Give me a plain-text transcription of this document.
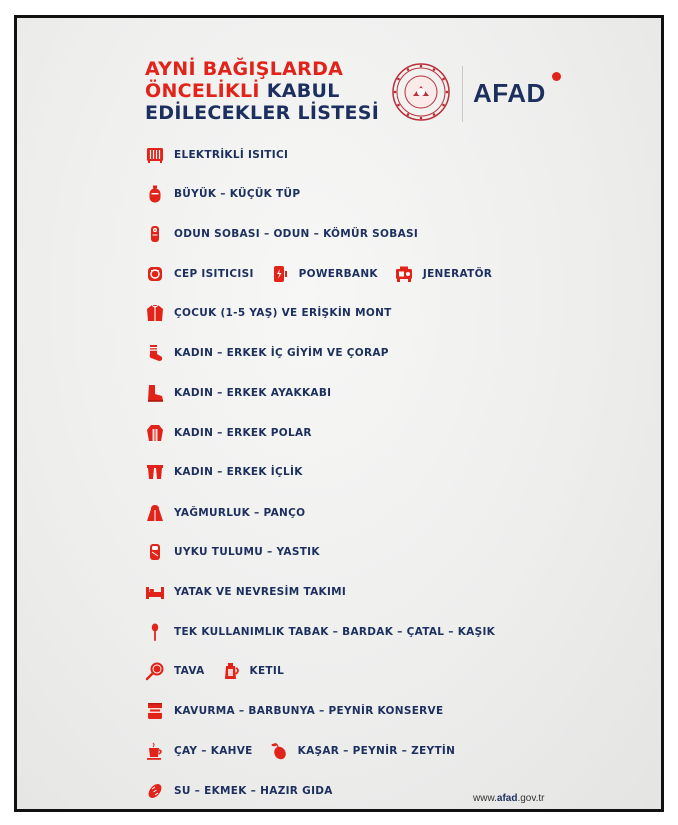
AYNİ BAĞIŞLARDA
ÖNCELİKLİ KABUL
EDİLECEKLER LİSTESİ
AFAD
ELEKTRİKLİ ISITICI
BÜYÜK – KÜÇÜK TÜP
ODUN SOBASI – ODUN – KÖMÜR SOBASI
CEP ISITICISI	POWERBANK	JENERATÖR
ÇOCUK (1-5 YAŞ) VE ERİŞKİN MONT
KADIN – ERKEK İÇ GİYİM VE ÇORAP
KADIN – ERKEK AYAKKABI
KADIN – ERKEK POLAR
KADIN – ERKEK İÇLİK
YAĞMURLUK – PANÇO
UYKU TULUMU – YASTIK
YATAK VE NEVRESİM TAKIMI
TEK KULLANIMLIK TABAK – BARDAK – ÇATAL – KAŞIK
TAVA	KETIL
KAVURMA – BARBUNYA – PEYNİR KONSERVE
ÇAY – KAHVE	KAŞAR – PEYNİR – ZEYTİN
SU – EKMEK – HAZIR GIDA
www.afad.gov.tr
